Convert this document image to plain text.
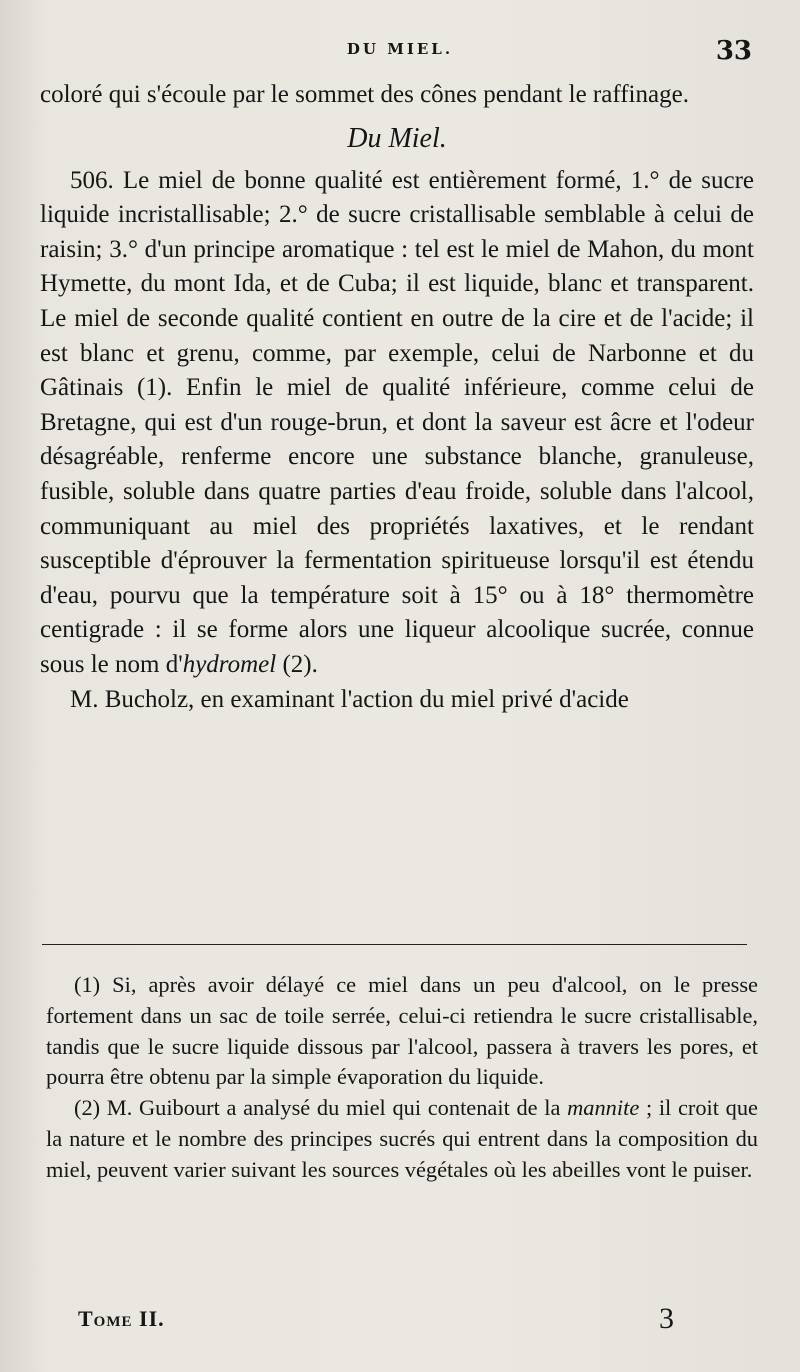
DU MIEL.	33

coloré qui s'écoule par le sommet des cônes pendant le raffinage.

Du Miel.

506. Le miel de bonne qualité est entièrement formé, 1.° de sucre liquide incristallisable; 2.° de sucre cristallisable semblable à celui de raisin; 3.° d'un principe aromatique : tel est le miel de Mahon, du mont Hymette, du mont Ida, et de Cuba; il est liquide, blanc et transparent. Le miel de seconde qualité contient en outre de la cire et de l'acide; il est blanc et grenu, comme, par exemple, celui de Narbonne et du Gâtinais (1). Enfin le miel de qualité inférieure, comme celui de Bretagne, qui est d'un rouge-brun, et dont la saveur est âcre et l'odeur désagréable, renferme encore une substance blanche, granuleuse, fusible, soluble dans quatre parties d'eau froide, soluble dans l'alcool, communiquant au miel des propriétés laxatives, et le rendant susceptible d'éprouver la fermentation spiritueuse lorsqu'il est étendu d'eau, pourvu que la température soit à 15° ou à 18° thermomètre centigrade : il se forme alors une liqueur alcoolique sucrée, connue sous le nom d'hydromel (2).

M. Bucholz, en examinant l'action du miel privé d'acide

(1) Si, après avoir délayé ce miel dans un peu d'alcool, on le presse fortement dans un sac de toile serrée, celui-ci retiendra le sucre cristallisable, tandis que le sucre liquide dissous par l'alcool, passera à travers les pores, et pourra être obtenu par la simple évaporation du liquide.

(2) M. Guibourt a analysé du miel qui contenait de la mannite ; il croit que la nature et le nombre des principes sucrés qui entrent dans la composition du miel, peuvent varier suivant les sources végétales où les abeilles vont le puiser.

Tome II.	3
